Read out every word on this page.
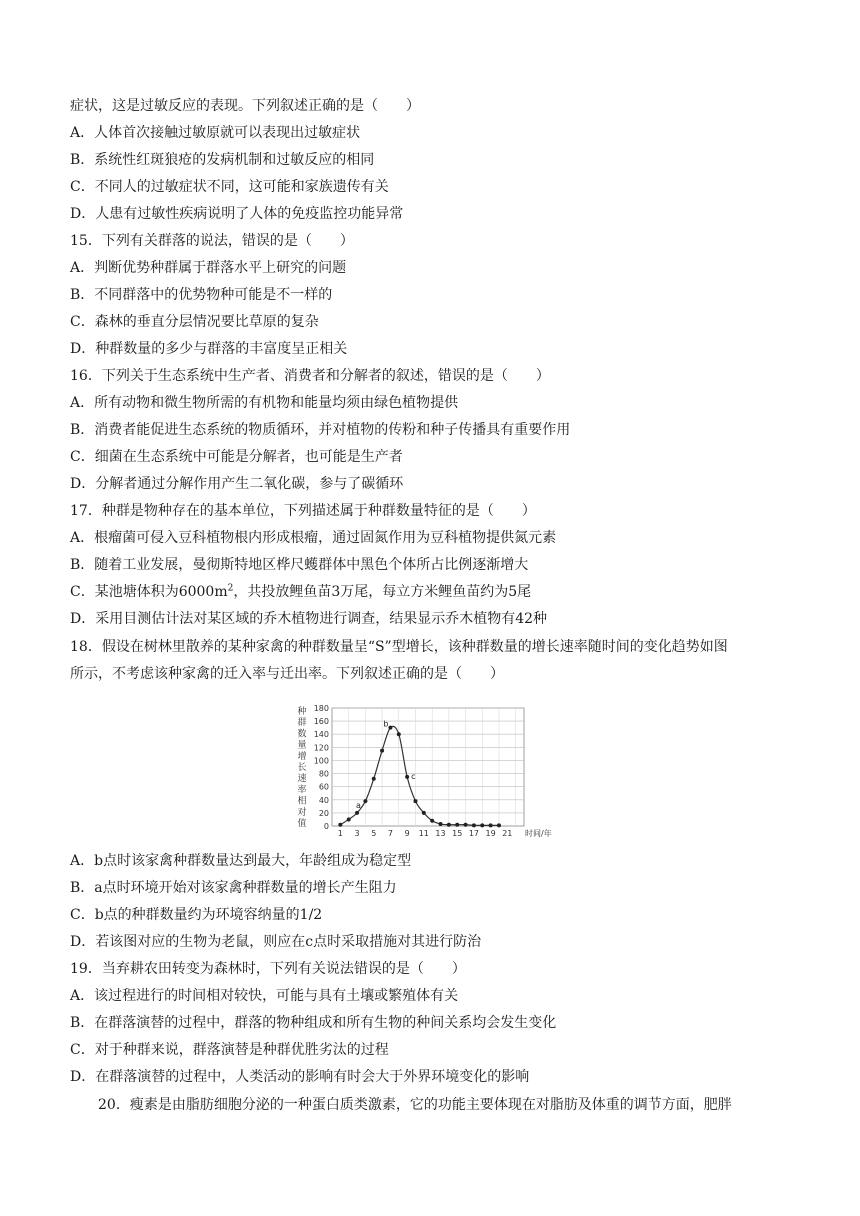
症状，这是过敏反应的表现。下列叙述正确的是（　　）
A．人体首次接触过敏原就可以表现出过敏症状
B．系统性红斑狼疮的发病机制和过敏反应的相同
C．不同人的过敏症状不同，这可能和家族遗传有关
D．人患有过敏性疾病说明了人体的免疫监控功能异常
15．下列有关群落的说法，错误的是（　　）
A．判断优势种群属于群落水平上研究的问题
B．不同群落中的优势物种可能是不一样的
C．森林的垂直分层情况要比草原的复杂
D．种群数量的多少与群落的丰富度呈正相关
16．下列关于生态系统中生产者、消费者和分解者的叙述，错误的是（　　）
A．所有动物和微生物所需的有机物和能量均须由绿色植物提供
B．消费者能促进生态系统的物质循环，并对植物的传粉和种子传播具有重要作用
C．细菌在生态系统中可能是分解者，也可能是生产者
D．分解者通过分解作用产生二氧化碳，参与了碳循环
17．种群是物种存在的基本单位，下列描述属于种群数量特征的是（　　）
A．根瘤菌可侵入豆科植物根内形成根瘤，通过固氮作用为豆科植物提供氮元素
B．随着工业发展，曼彻斯特地区桦尺蠖群体中黑色个体所占比例逐渐增大
C．某池塘体积为$6000m^2$，共投放鲤鱼苗3万尾，每立方米鲤鱼苗约为5尾
D．采用目测估计法对某区域的乔木植物进行调查，结果显示乔木植物有42种
18．假设在树林里散养的某种家禽的种群数量呈“S”型增长，该种群数量的增长速率随时间的变化趋势如图
所示，不考虑该种家禽的迁入率与迁出率。下列叙述正确的是（　　）
0
20
40
60
80
100
120
140
160
180
1 3 5 7 9 11 13 15 17 19 21 时间/年
种
群
数
量
增
长
速
率
相
对
值
a
b
c
A．b点时该家禽种群数量达到最大，年龄组成为稳定型
B．a点时环境开始对该家禽种群数量的增长产生阻力
C．b点的种群数量约为环境容纳量的1/2
D．若该图对应的生物为老鼠，则应在c点时采取措施对其进行防治
19．当弃耕农田转变为森林时，下列有关说法错误的是（　　）
A．该过程进行的时间相对较快，可能与具有土壤或繁殖体有关
B．在群落演替的过程中，群落的物种组成和所有生物的种间关系均会发生变化
C．对于种群来说，群落演替是种群优胜劣汰的过程
D．在群落演替的过程中，人类活动的影响有时会大于外界环境变化的影响
20．瘦素是由脂肪细胞分泌的一种蛋白质类激素，它的功能主要体现在对脂肪及体重的调节方面，肥胖
